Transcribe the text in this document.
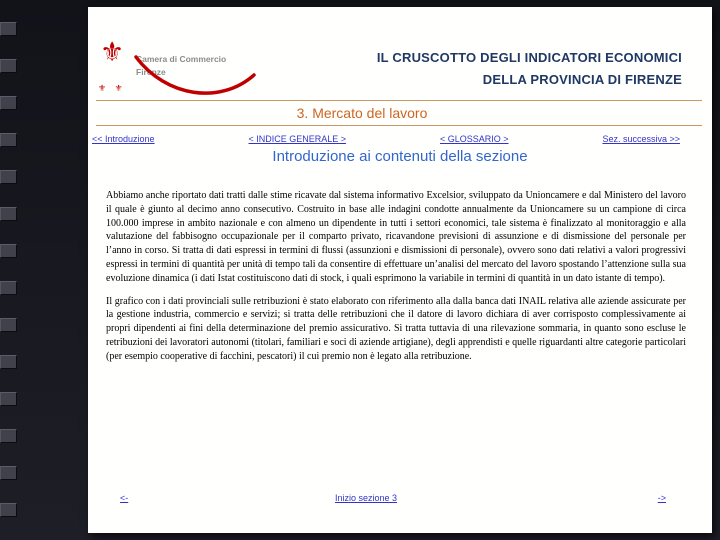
⚜
⚜ ⚜
Camera di Commercio
Firenze
IL CRUSCOTTO DEGLI INDICATORI ECONOMICI
DELLA PROVINCIA DI FIRENZE
3. Mercato del lavoro
<< Introduzione	< INDICE GENERALE >	< GLOSSARIO >	Sez. successiva >>
Introduzione ai contenuti della sezione

Abbiamo anche riportato dati tratti dalle stime ricavate dal sistema informativo Excelsior, sviluppato da Unioncamere e dal Ministero del lavoro il quale è giunto al decimo anno consecutivo. Costruito in base alle indagini condotte annualmente da Unioncamere su un campione di circa 100.000 imprese in ambito nazionale e con almeno un dipendente in tutti i settori economici, tale sistema è finalizzato al monitoraggio e alla valutazione del fabbisogno occupazionale per il comparto privato, ricavandone previsioni di assunzione e di dismissione del personale per l’anno in corso. Si tratta di dati espressi in termini di flussi (assunzioni e dismissioni di personale), ovvero sono dati relativi a valori progressivi espressi in termini di quantità per unità di tempo tali da consentire di effettuare un’analisi del mercato del lavoro spostando l’attenzione sulla sua evoluzione dinamica (i dati Istat costituiscono dati di stock, i quali esprimono la variabile in termini di quantità in un dato istante di tempo).

Il grafico con i dati provinciali sulle retribuzioni è stato elaborato con riferimento alla dalla banca dati INAIL relativa alle aziende assicurate per la gestione industria, commercio e servizi; si tratta delle retribuzioni che il datore di lavoro dichiara di aver corrisposto complessivamente ai propri dipendenti ai fini della determinazione del premio assicurativo. Si tratta tuttavia di una rilevazione sommaria, in quanto sono escluse le retribuzioni dei lavoratori autonomi (titolari, familiari e soci di aziende artigiane), degli apprendisti e quelle riguardanti altre categorie particolari (per esempio cooperative di facchini, pescatori) il cui premio non è legato alla retribuzione.

<-	Inizio sezione 3	->
